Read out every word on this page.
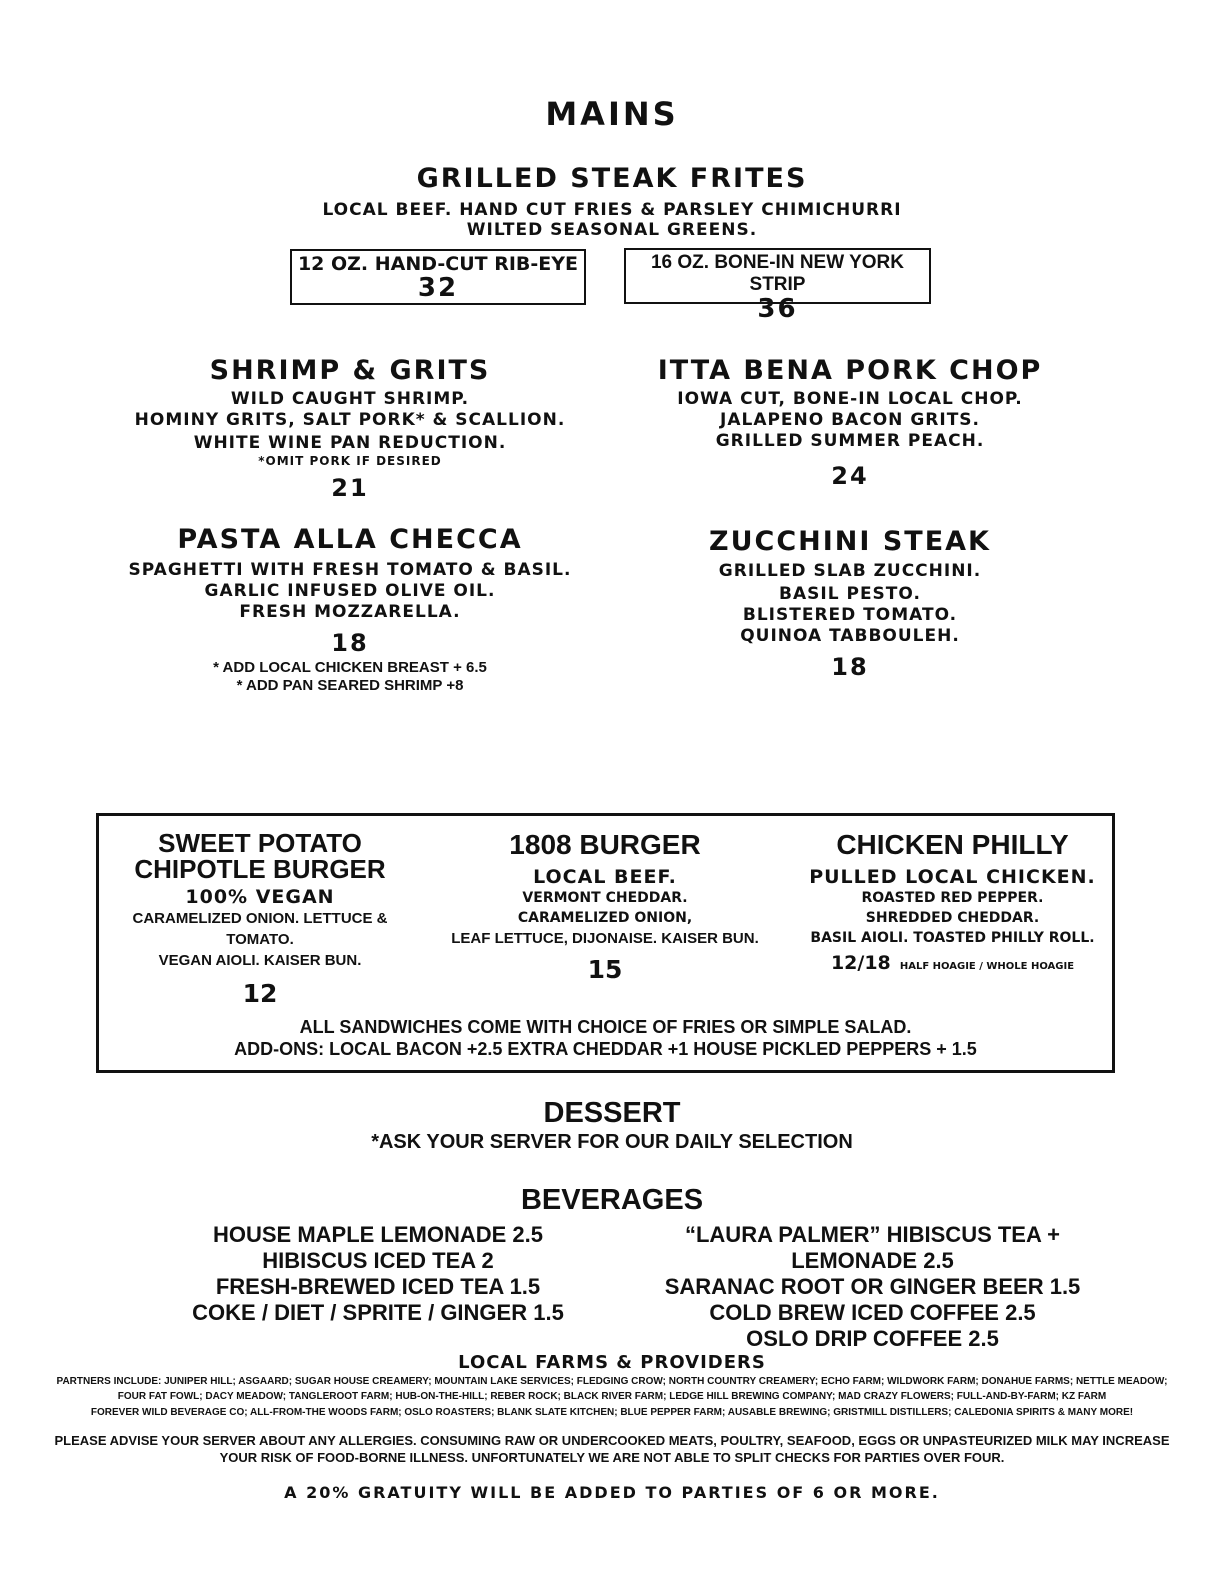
MAINS
GRILLED STEAK FRITES
LOCAL BEEF. HAND CUT FRIES & PARSLEY CHIMICHURRI
WILTED SEASONAL GREENS.
12 OZ. HAND-CUT RIB-EYE
32
16 OZ. BONE-IN NEW YORK STRIP
36
SHRIMP & GRITS
WILD CAUGHT SHRIMP.
HOMINY GRITS, SALT PORK* & SCALLION.
WHITE WINE PAN REDUCTION.
*OMIT PORK IF DESIRED
21
ITTA BENA PORK CHOP
IOWA CUT, BONE-IN LOCAL CHOP.
JALAPENO BACON GRITS.
GRILLED SUMMER PEACH.
24
PASTA ALLA CHECCA
SPAGHETTI WITH FRESH TOMATO & BASIL.
GARLIC INFUSED OLIVE OIL.
FRESH MOZZARELLA.
18
* ADD LOCAL CHICKEN BREAST + 6.5
* ADD PAN SEARED SHRIMP +8
ZUCCHINI STEAK
GRILLED SLAB ZUCCHINI.
BASIL PESTO.
BLISTERED TOMATO.
QUINOA TABBOULEH.
18
SWEET POTATO
CHIPOTLE BURGER
100% VEGAN
CARAMELIZED ONION. LETTUCE & TOMATO.
VEGAN AIOLI. KAISER BUN.
12
1808 BURGER
LOCAL BEEF.
VERMONT CHEDDAR.
CARAMELIZED ONION,
LEAF LETTUCE, DIJONAISE. KAISER BUN.
15
CHICKEN PHILLY
PULLED LOCAL CHICKEN.
ROASTED RED PEPPER.
SHREDDED CHEDDAR.
BASIL AIOLI. TOASTED PHILLY ROLL.
12/18 HALF HOAGIE / WHOLE HOAGIE
ALL SANDWICHES COME WITH CHOICE OF FRIES OR SIMPLE SALAD.
ADD-ONS: LOCAL BACON +2.5 EXTRA CHEDDAR +1 HOUSE PICKLED PEPPERS + 1.5
DESSERT
*ASK YOUR SERVER FOR OUR DAILY SELECTION
BEVERAGES
HOUSE MAPLE LEMONADE 2.5
HIBISCUS ICED TEA 2
FRESH-BREWED ICED TEA 1.5
COKE / DIET / SPRITE / GINGER 1.5
“LAURA PALMER” HIBISCUS TEA + LEMONADE 2.5
SARANAC ROOT OR GINGER BEER 1.5
COLD BREW ICED COFFEE 2.5
OSLO DRIP COFFEE 2.5
LOCAL FARMS & PROVIDERS
PARTNERS INCLUDE: JUNIPER HILL; ASGAARD; SUGAR HOUSE CREAMERY; MOUNTAIN LAKE SERVICES; FLEDGING CROW; NORTH COUNTRY CREAMERY; ECHO FARM; WILDWORK FARM; DONAHUE FARMS; NETTLE MEADOW;
FOUR FAT FOWL; DACY MEADOW; TANGLEROOT FARM; HUB-ON-THE-HILL; REBER ROCK; BLACK RIVER FARM; LEDGE HILL BREWING COMPANY; MAD CRAZY FLOWERS; FULL-AND-BY-FARM; KZ FARM
FOREVER WILD BEVERAGE CO; ALL-FROM-THE WOODS FARM; OSLO ROASTERS; BLANK SLATE KITCHEN; BLUE PEPPER FARM; AUSABLE BREWING; GRISTMILL DISTILLERS; CALEDONIA SPIRITS & MANY MORE!
PLEASE ADVISE YOUR SERVER ABOUT ANY ALLERGIES. CONSUMING RAW OR UNDERCOOKED MEATS, POULTRY, SEAFOOD, EGGS OR UNPASTEURIZED MILK MAY INCREASE
YOUR RISK OF FOOD-BORNE ILLNESS. UNFORTUNATELY WE ARE NOT ABLE TO SPLIT CHECKS FOR PARTIES OVER FOUR.
A 20% GRATUITY WILL BE ADDED TO PARTIES OF 6 OR MORE.
